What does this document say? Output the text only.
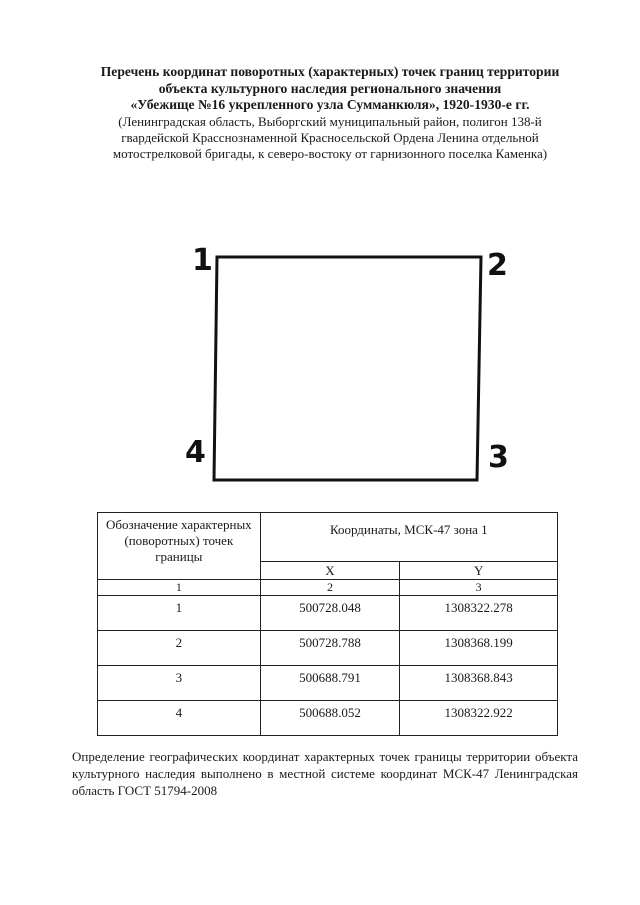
Перечень координат поворотных (характерных) точек границ территории
объекта культурного наследия регионального значения
«Убежище №16 укрепленного узла Сумманкюля», 1920-1930-е гг.
(Ленинградская область, Выборгский муниципальный район, полигон 138-й
гвардейской Красснознаменной Красносельской Ордена Ленина отдельной
мотострелковой бригады, к северо-востоку от гарнизонного поселка Каменка)
1	2
3
4
Обозначение характерных (поворотных) точек границы	Координаты, МСК-47 зона 1	
	X	Y
1	2	3
1	500728.048	1308322.278
2	500728.788	1308368.199
3	500688.791	1308368.843
4	500688.052	1308322.922
Определение географических координат характерных точек границы территории объекта культурного наследия выполнено в местной системе координат МСК-47 Ленинградская область ГОСТ 51794-2008
